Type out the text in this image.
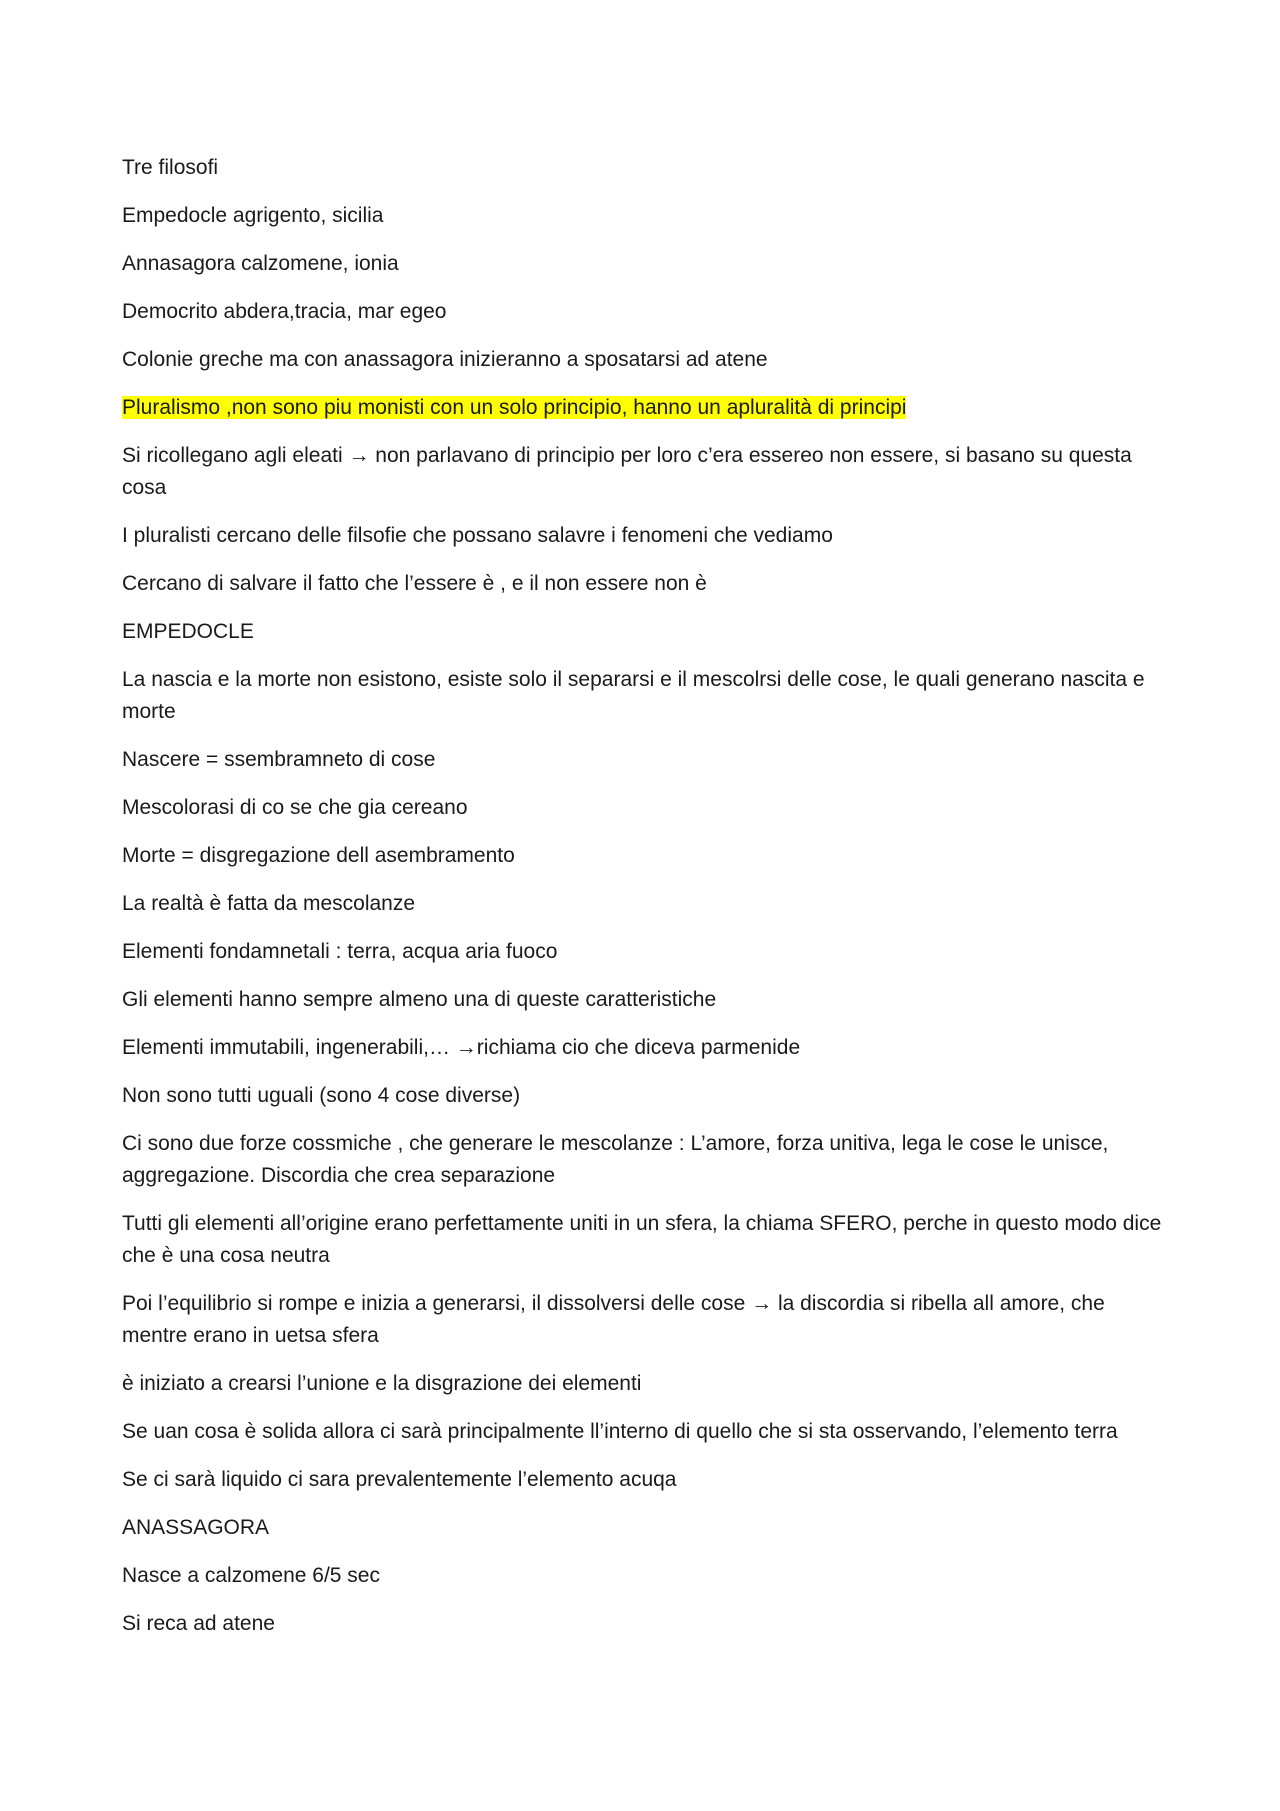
Tre filosofi

Empedocle agrigento, sicilia

Annasagora calzomene, ionia

Democrito abdera,tracia, mar egeo

Colonie greche ma con anassagora inizieranno a sposatarsi ad atene

Pluralismo ,non sono piu monisti con un solo principio, hanno un apluralità di principi

Si ricollegano agli eleati → non parlavano di principio per loro c’era essereo non essere, si basano su questa cosa

I pluralisti cercano delle filsofie che possano salavre i fenomeni che vediamo

Cercano di salvare il fatto che l’essere è , e il non essere non è

EMPEDOCLE

La nascia e la morte non esistono, esiste solo il separarsi e il mescolrsi delle cose, le quali generano nascita e morte

Nascere = ssembramneto di cose

Mescolorasi di co se che gia cereano

Morte = disgregazione dell asembramento

La realtà è fatta da mescolanze

Elementi fondamnetali : terra, acqua aria fuoco

Gli elementi hanno sempre almeno una di queste caratteristiche

Elementi immutabili, ingenerabili,… →richiama cio che diceva parmenide

Non sono tutti uguali (sono 4 cose diverse)

Ci sono due forze cossmiche , che generare le mescolanze : L’amore, forza unitiva, lega le cose le unisce, aggregazione. Discordia che crea separazione

Tutti gli elementi all’origine erano perfettamente uniti in un sfera, la chiama SFERO, perche in questo modo dice che è una cosa neutra

Poi l’equilibrio si rompe e inizia a generarsi, il dissolversi delle cose → la discordia si ribella all amore, che mentre erano in uetsa sfera

è iniziato a crearsi l’unione e la disgrazione dei elementi

Se uan cosa è solida allora ci sarà principalmente ll’interno di quello che si sta osservando, l’elemento terra

Se ci sarà liquido ci sara prevalentemente l’elemento acuqa

ANASSAGORA

Nasce a calzomene 6/5 sec

Si reca ad atene
